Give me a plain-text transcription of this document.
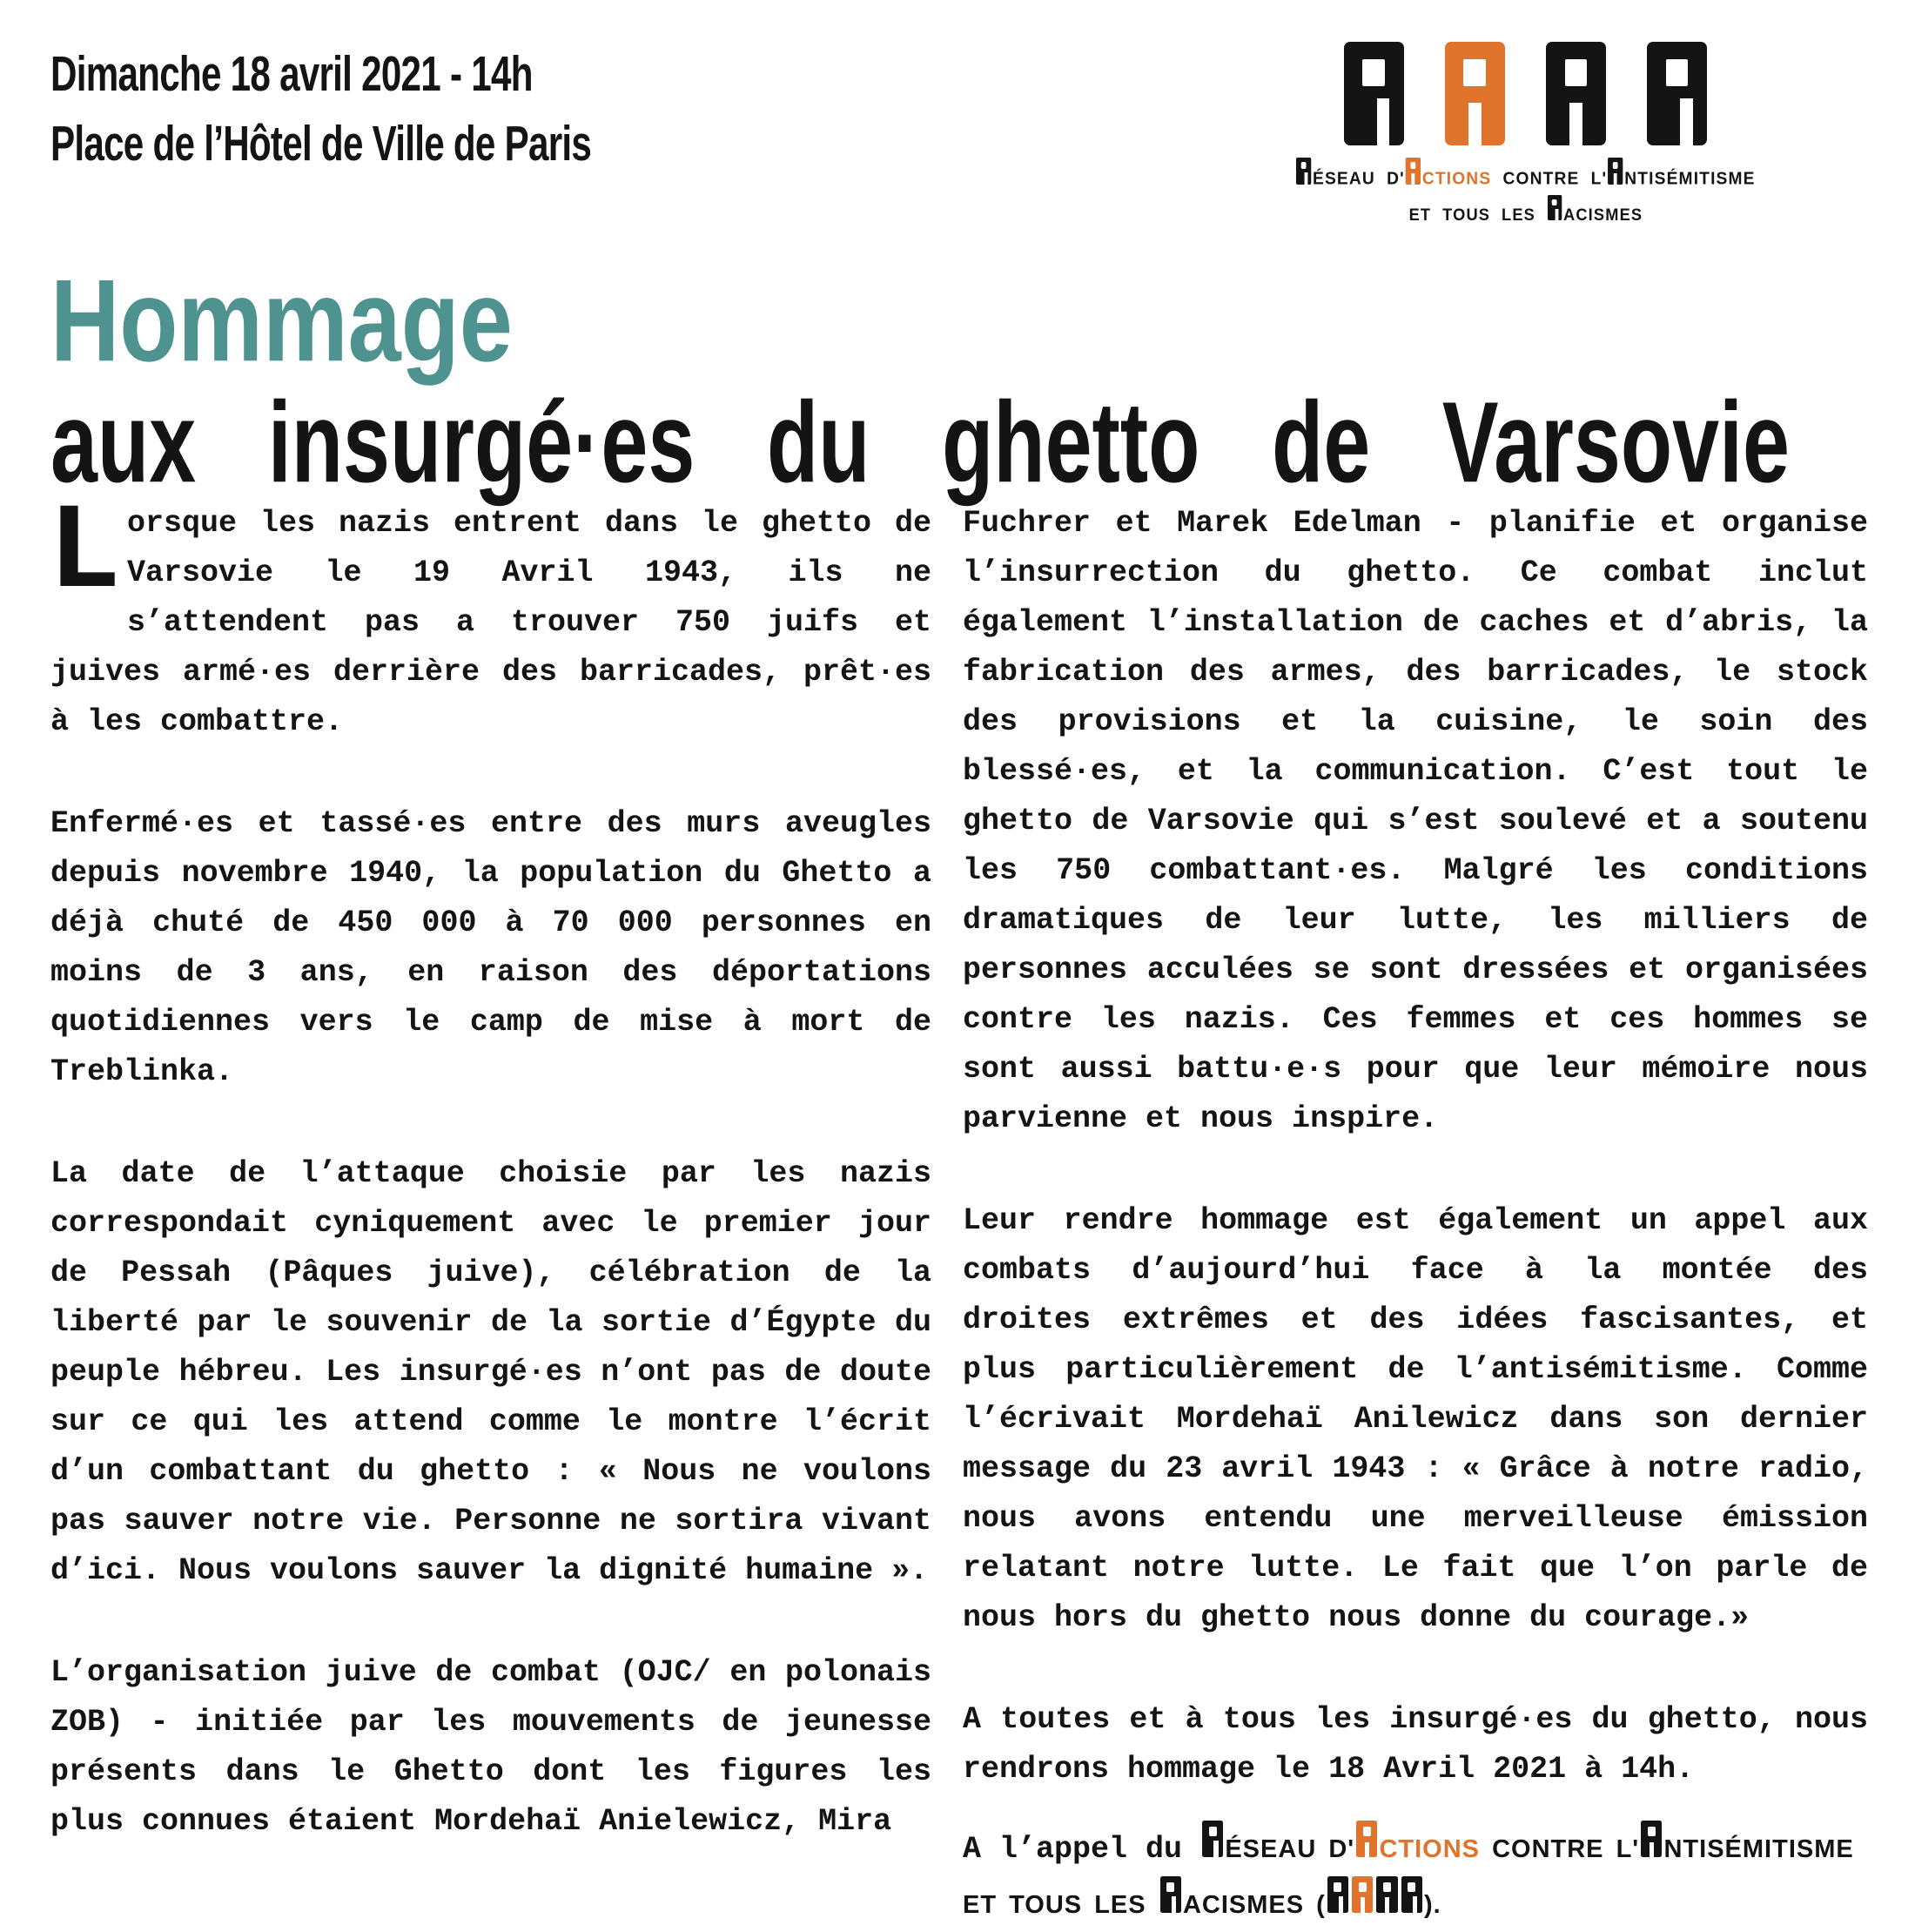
Dimanche 18 avril 2021 - 14h
Place de l’Hôtel de Ville de Paris
ÉSEAU D' CTIONS CONTRE L' NTISÉMITISME
ET TOUS LES ACISMES
Hommage
aux insurgé·es du ghetto de Varsovie

L orsque les nazis entrent dans le ghetto de Varsovie le 19 Avril 1943, ils ne s’attendent pas a trouver 750 juifs et juives armé·es derrière des barricades, prêt·es à les combattre.

Enfermé·es et tassé·es entre des murs aveugles depuis novembre 1940, la population du Ghetto a déjà chuté de 450 000 à 70 000 personnes en moins de 3 ans, en raison des déportations quotidiennes vers le camp de mise à mort de Treblinka.

La date de l’attaque choisie par les nazis correspondait cyniquement avec le premier jour de Pessah (Pâques juive), célébration de la liberté par le souvenir de la sortie d’Égypte du peuple hébreu. Les insurgé·es n’ont pas de doute sur ce qui les attend comme le montre l’écrit d’un combattant du ghetto : « Nous ne voulons pas sauver notre vie. Personne ne sortira vivant d’ici. Nous voulons sauver la dignité humaine ».

L’organisation juive de combat (OJC/ en polonais ZOB) - initiée par les mouvements de jeunesse présents dans le Ghetto dont les figures les plus connues étaient Mordehaï Anielewicz, Mira

Fuchrer et Marek Edelman - planifie et organise l’insurrection du ghetto. Ce combat inclut également l’installation de caches et d’abris, la fabrication des armes, des barricades, le stock des provisions et la cuisine, le soin des blessé·es, et la communication. C’est tout le ghetto de Varsovie qui s’est soulevé et a soutenu les 750 combattant·es. Malgré les conditions dramatiques de leur lutte, les milliers de personnes acculées se sont dressées et organisées contre les nazis. Ces femmes et ces hommes se sont aussi battu·e·s pour que leur mémoire nous parvienne et nous inspire.

Leur rendre hommage est également un appel aux combats d’aujourd’hui face à la montée des droites extrêmes et des idées fascisantes, et plus particulièrement de l’antisémitisme. Comme l’écrivait Mordehaï Anilewicz dans son dernier message du 23 avril 1943 : « Grâce à notre radio, nous avons entendu une merveilleuse émission relatant notre lutte. Le fait que l’on parle de nous hors du ghetto nous donne du courage.»

A toutes et à tous les insurgé·es du ghetto, nous rendrons hommage le 18 Avril 2021 à 14h.

A l’appel du ÉSEAU D' CTIONS CONTRE L' NTISÉMITISME
ET TOUS LES ACISMES (	).
